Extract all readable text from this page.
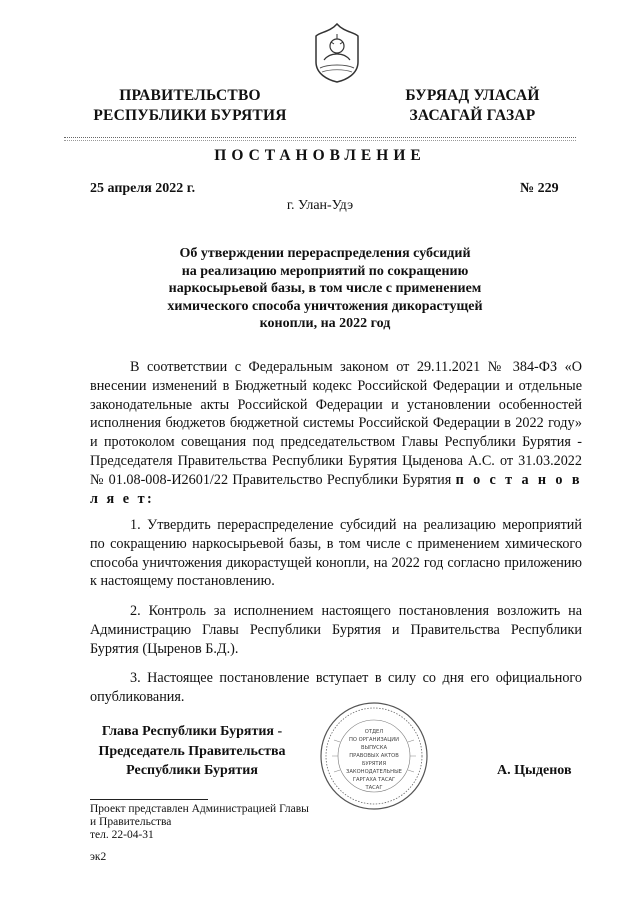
ПРАВИТЕЛЬСТВО
РЕСПУБЛИКИ БУРЯТИЯ
БУРЯАД УЛАСАЙ
ЗАСАГАЙ ГАЗАР
ПОСТАНОВЛЕНИЕ
25 апреля 2022 г.	№ 229
г. Улан-Удэ
Об утверждении перераспределения субсидий
на реализацию мероприятий по сокращению
наркосырьевой базы, в том числе с применением
химического способа уничтожения дикорастущей
конопли, на 2022 год

В соответствии с Федеральным законом от 29.11.2021 № 384-ФЗ «О внесении изменений в Бюджетный кодекс Российской Федерации и отдельные законодательные акты Российской Федерации и установлении особенностей исполнения бюджетов бюджетной системы Российской Федерации в 2022 году» и протоколом совещания под председательством Главы Республики Бурятия - Председателя Правительства Республики Бурятия Цыденова А.С. от 31.03.2022 № 01.08-008-И2601/22 Правительство Республики Бурятия п о с т а н о в л я е т:

1. Утвердить перераспределение субсидий на реализацию мероприятий по сокращению наркосырьевой базы, в том числе с применением химического способа уничтожения дикорастущей конопли, на 2022 год согласно приложению к настоящему постановлению.

2. Контроль за исполнением настоящего постановления возложить на Администрацию Главы Республики Бурятия и Правительства Республики Бурятия (Цыренов Б.Д.).

3. Настоящее постановление вступает в силу со дня его официального опубликования.

Глава Республики Бурятия -
Председатель Правительства
Республики Бурятия
ОТДЕЛ
ПО ОРГАНИЗАЦИИ
ВЫПУСКА
ПРАВОВЫХ АКТОВ
БУРЯТИЯ
ЗАКОНОДАТЕЛЬНЫЕ
ГАРГАХА ТАСАГ
ТАСАГ
А. Цыденов
Проект представлен Администрацией Главы
и Правительства
тел. 22-04-31
эк2
